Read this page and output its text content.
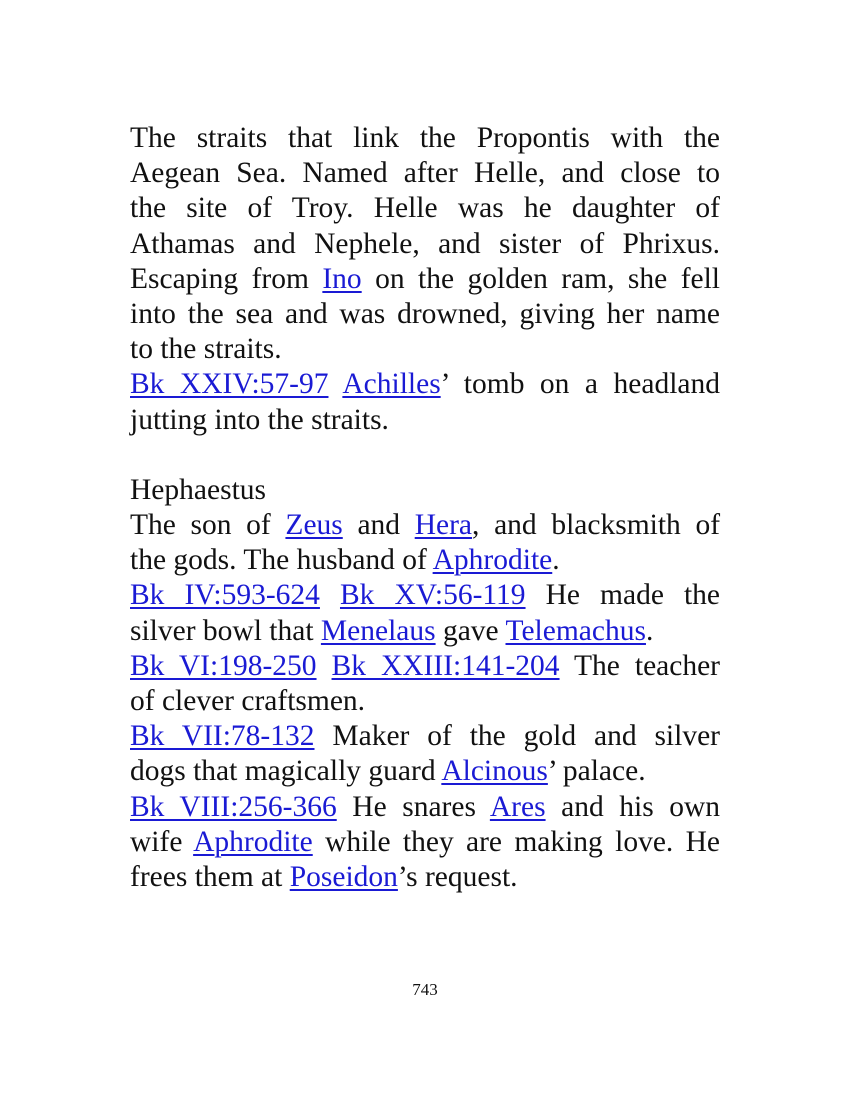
The straits that link the Propontis with the
Aegean Sea. Named after Helle, and close to
the site of Troy. Helle was he daughter of
Athamas and Nephele, and sister of Phrixus.
Escaping from Ino on the golden ram, she fell
into the sea and was drowned, giving her name
to the straits.
Bk XXIV:57-97 Achilles’ tomb on a headland
jutting into the straits.
Hephaestus
The son of Zeus and Hera, and blacksmith of
the gods. The husband of Aphrodite.
Bk IV:593-624 Bk XV:56-119 He made the
silver bowl that Menelaus gave Telemachus.
Bk VI:198-250 Bk XXIII:141-204 The teacher
of clever craftsmen.
Bk VII:78-132 Maker of the gold and silver
dogs that magically guard Alcinous’ palace.
Bk VIII:256-366 He snares Ares and his own
wife Aphrodite while they are making love. He
frees them at Poseidon’s request.
743
